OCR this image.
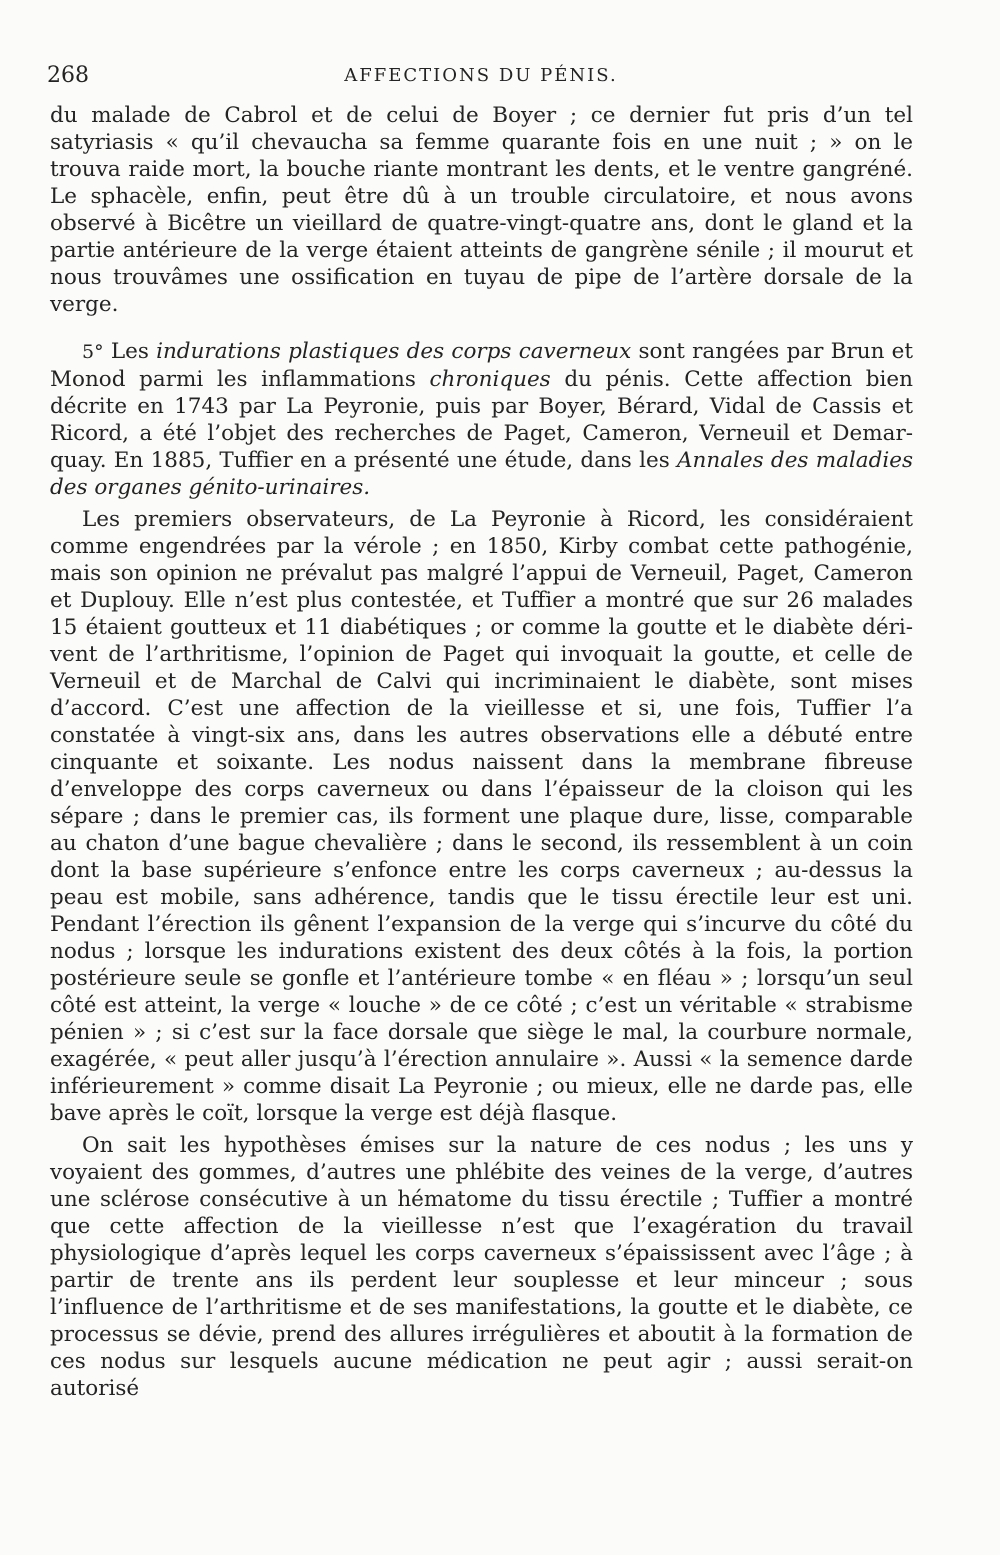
268	AFFECTIONS DU PÉNIS.

du malade de Cabrol et de celui de Boyer ; ce dernier fut pris d’un tel satyriasis « qu’il chevaucha sa femme quarante fois en une nuit ; » on le trouva raide mort, la bouche riante montrant les dents, et le ventre gangréné. Le sphacèle, enfin, peut être dû à un trouble circulatoire, et nous avons observé à Bicêtre un vieillard de quatre-vingt-quatre ans, dont le gland et la partie antérieure de la verge étaient atteints de gangrène sénile ; il mourut et nous trouvâmes une ossification en tuyau de pipe de l’artère dorsale de la verge.

5° Les indurations plastiques des corps caverneux sont rangées par Brun et Monod parmi les inflammations chroniques du pénis. Cette affection bien décrite en 1743 par La Peyronie, puis par Boyer, Bérard, Vidal de Cassis et Ricord, a été l’objet des recherches de Paget, Cameron, Verneuil et Demarquay. En 1885, Tuffier en a présenté une étude, dans les Annales des maladies des organes génito-urinaires.

Les premiers observateurs, de La Peyronie à Ricord, les considéraient comme engendrées par la vérole ; en 1850, Kirby combat cette pathogénie, mais son opinion ne prévalut pas malgré l’appui de Verneuil, Paget, Cameron et Duplouy. Elle n’est plus contestée, et Tuffier a montré que sur 26 malades 15 étaient goutteux et 11 diabétiques ; or comme la goutte et le diabète dérivent de l’arthritisme, l’opinion de Paget qui invoquait la goutte, et celle de Verneuil et de Marchal de Calvi qui incriminaient le diabète, sont mises d’accord. C’est une affection de la vieillesse et si, une fois, Tuffier l’a constatée à vingt-six ans, dans les autres observations elle a débuté entre cinquante et soixante. Les nodus naissent dans la membrane fibreuse d’enveloppe des corps caverneux ou dans l’épaisseur de la cloison qui les sépare ; dans le premier cas, ils forment une plaque dure, lisse, comparable au chaton d’une bague chevalière ; dans le second, ils ressemblent à un coin dont la base supérieure s’enfonce entre les corps caverneux ; au-dessus la peau est mobile, sans adhérence, tandis que le tissu érectile leur est uni. Pendant l’érection ils gênent l’expansion de la verge qui s’incurve du côté du nodus ; lorsque les indurations existent des deux côtés à la fois, la portion postérieure seule se gonfle et l’antérieure tombe « en fléau » ; lorsqu’un seul côté est atteint, la verge « louche » de ce côté ; c’est un véritable « strabisme pénien » ; si c’est sur la face dorsale que siège le mal, la courbure normale, exagérée, « peut aller jusqu’à l’érection annulaire ». Aussi « la semence darde inférieurement » comme disait La Peyronie ; ou mieux, elle ne darde pas, elle bave après le coït, lorsque la verge est déjà flasque.

On sait les hypothèses émises sur la nature de ces nodus ; les uns y voyaient des gommes, d’autres une phlébite des veines de la verge, d’autres une sclérose consécutive à un hématome du tissu érectile ; Tuffier a montré que cette affection de la vieillesse n’est que l’exagération du travail physiologique d’après lequel les corps caverneux s’épaississent avec l’âge ; à partir de trente ans ils perdent leur souplesse et leur minceur ; sous l’influence de l’arthritisme et de ses manifestations, la goutte et le diabète, ce processus se dévie, prend des allures irrégulières et aboutit à la formation de ces nodus sur lesquels aucune médication ne peut agir ; aussi serait-on autorisé
